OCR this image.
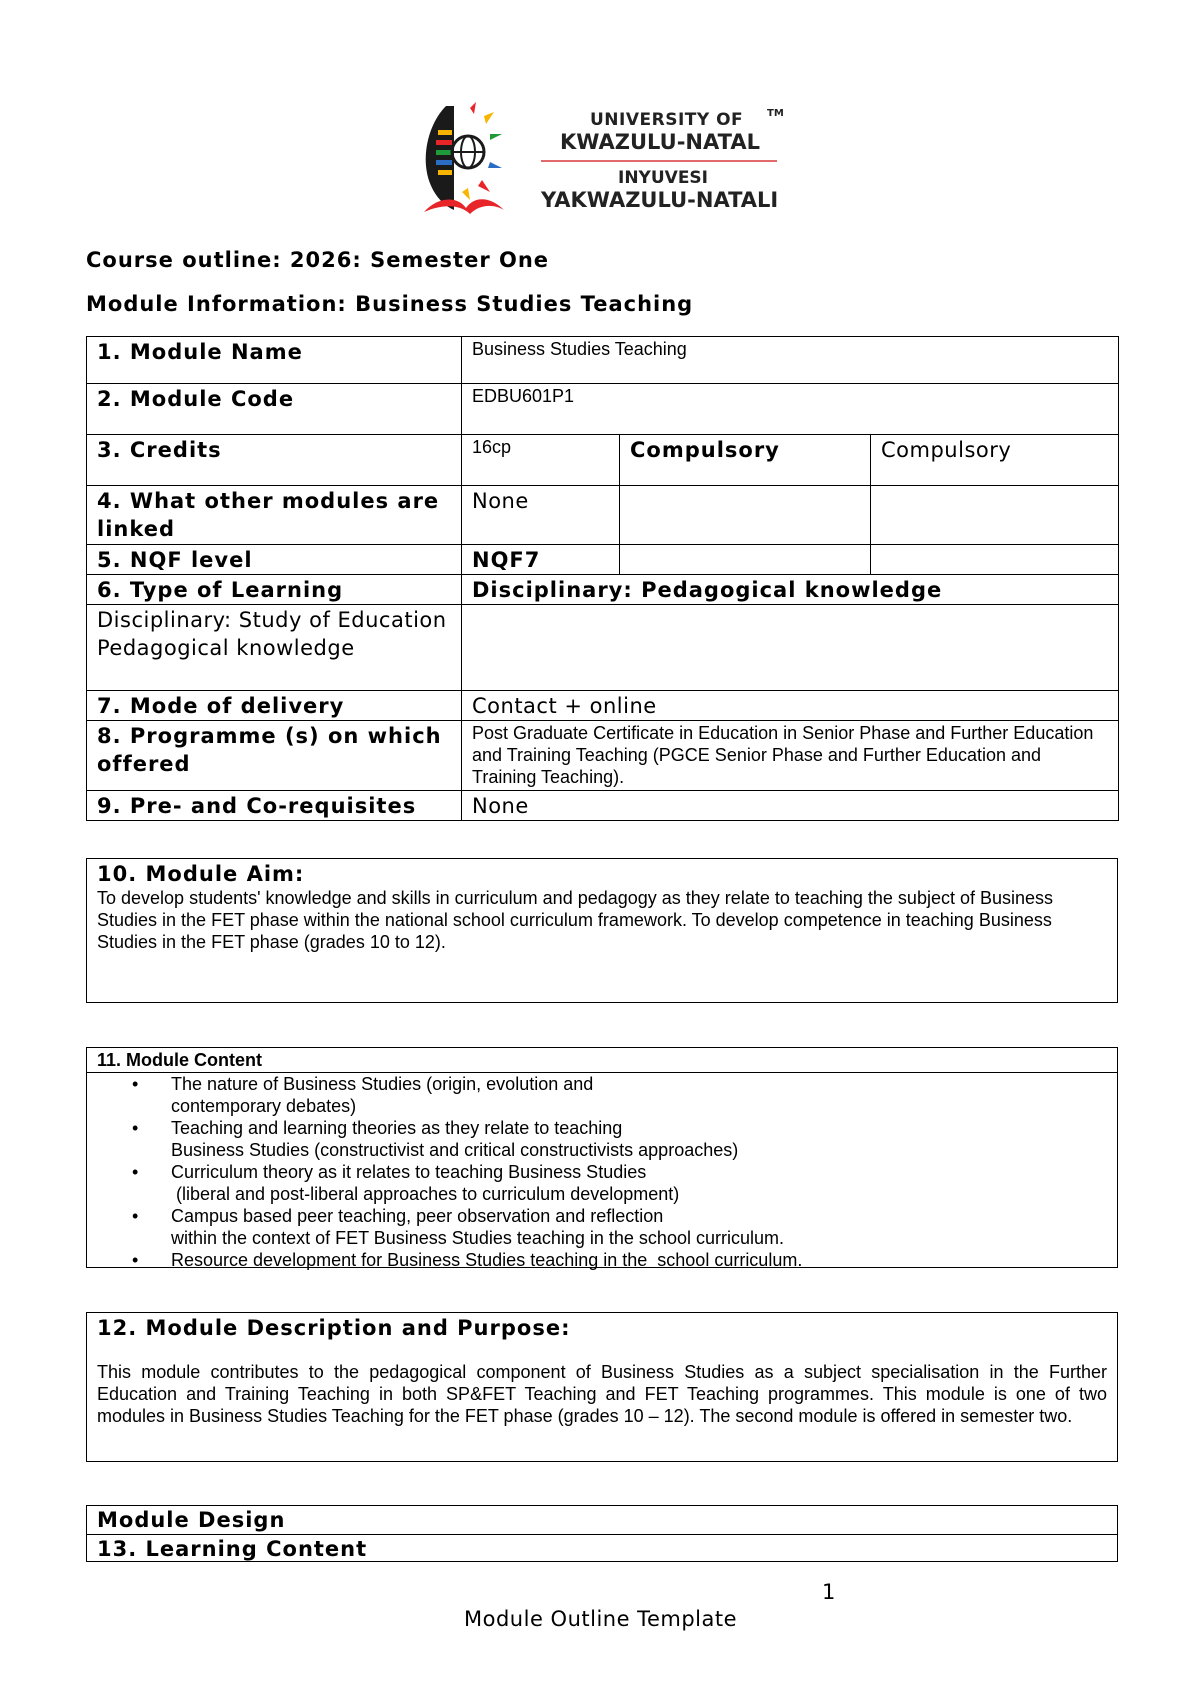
UNIVERSITY OF TM
KWAZULU-NATAL
INYUVESI
YAKWAZULU-NATALI
Course outline: 2026: Semester One
Module Information: Business Studies Teaching
1. Module Name	Business Studies Teaching		
2. Module Code	EDBU601P1		
3. Credits	16cp	Compulsory	Compulsory
4. What other modules are linked	None		
5. NQF level	NQF7		
6. Type of Learning	Disciplinary: Pedagogical knowledge		

Disciplinary: Study of Education
Pedagogical knowledge			

7. Mode of delivery	Contact + online		
8. Programme (s) on which offered	Post Graduate Certificate in Education in Senior Phase and Further Education and Training Teaching (PGCE Senior Phase and Further Education and Training Teaching).		
9. Pre- and Co-requisites	None		
10. Module Aim:
To develop students' knowledge and skills in curriculum and pedagogy as they relate to teaching the subject of Business Studies in the FET phase within the national school curriculum framework. To develop competence in teaching Business Studies in the FET phase (grades 10 to 12).
11. Module Content
• The nature of Business Studies (origin, evolution and
contemporary debates)
• Teaching and learning theories as they relate to teaching
Business Studies (constructivist and critical constructivists approaches)
• Curriculum theory as it relates to teaching Business Studies
(liberal and post-liberal approaches to curriculum development)
• Campus based peer teaching, peer observation and reflection
within the context of FET Business Studies teaching in the school curriculum.
• Resource development for Business Studies teaching in the  school curriculum.
12. Module Description and Purpose:
This module contributes to the pedagogical component of Business Studies as a subject specialisation in the Further Education and Training Teaching in both SP&FET Teaching and FET Teaching programmes. This module is one of two modules in Business Studies Teaching for the FET phase (grades 10 – 12). The second module is offered in semester two.
Module Design
13. Learning Content
1
Module Outline Template
